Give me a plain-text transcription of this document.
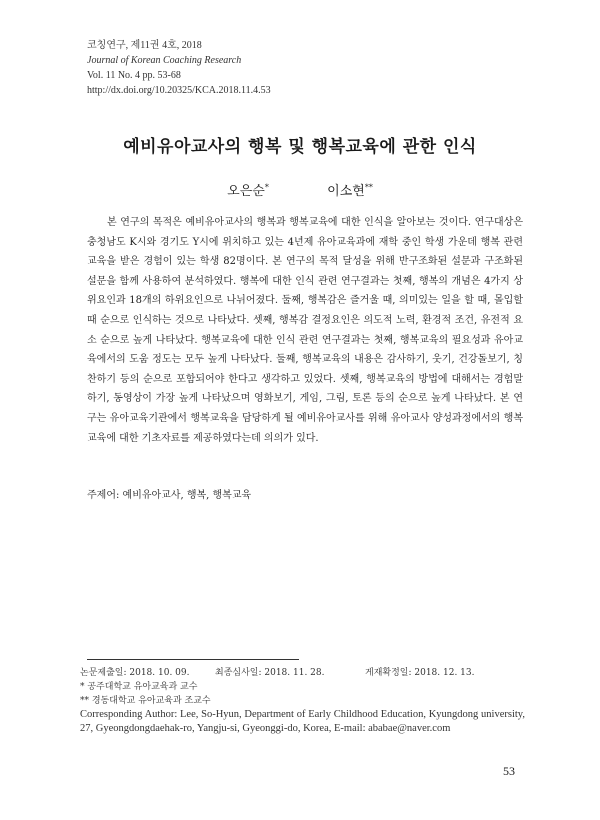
코칭연구, 제11권 4호, 2018
Journal of Korean Coaching Research
Vol. 11 No. 4 pp. 53-68
http://dx.doi.org/10.20325/KCA.2018.11.4.53
예비유아교사의 행복 및 행복교육에 관한 인식
오은순*	이소현**

본 연구의 목적은 예비유아교사의 행복과 행복교육에 대한 인식을 알아보는 것이다. 연구대상은 충청남도 K시와 경기도 Y시에 위치하고 있는 4년제 유아교육과에 재학 중인 학생 가운데 행복 관련 교육을 받은 경험이 있는 학생 82명이다. 본 연구의 목적 달성을 위해 반구조화된 설문과 구조화된 설문을 함께 사용하여 분석하였다. 행복에 대한 인식 관련 연구결과는 첫째, 행복의 개념은 4가지 상위요인과 18개의 하위요인으로 나뉘어졌다. 둘째, 행복감은 즐거울 때, 의미있는 일을 할 때, 몰입할 때 순으로 인식하는 것으로 나타났다. 셋째, 행복감 결정요인은 의도적 노력, 환경적 조건, 유전적 요소 순으로 높게 나타났다. 행복교육에 대한 인식 관련 연구결과는 첫째, 행복교육의 필요성과 유아교육에서의 도움 정도는 모두 높게 나타났다. 둘째, 행복교육의 내용은 감사하기, 웃기, 건강돌보기, 칭찬하기 등의 순으로 포함되어야 한다고 생각하고 있었다. 셋째, 행복교육의 방법에 대해서는 경험말하기, 동영상이 가장 높게 나타났으며 영화보기, 게임, 그림, 토론 등의 순으로 높게 나타났다. 본 연구는 유아교육기관에서 행복교육을 담당하게 될 예비유아교사를 위해 유아교사 양성과정에서의 행복교육에 대한 기초자료를 제공하였다는데 의의가 있다.

주제어: 예비유아교사, 행복, 행복교육
논문제출일: 2018. 10. 09.	최종심사일: 2018. 11. 28.	게재확정일: 2018. 12. 13.
* 공주대학교 유아교육과 교수
** 경동대학교 유아교육과 조교수
Corresponding Author: Lee, So-Hyun, Department of Early Childhood Education, Kyungdong university, 27, Gyeongdongdaehak-ro, Yangju-si, Gyeonggi-do, Korea, E-mail: ababae@naver.com
53
